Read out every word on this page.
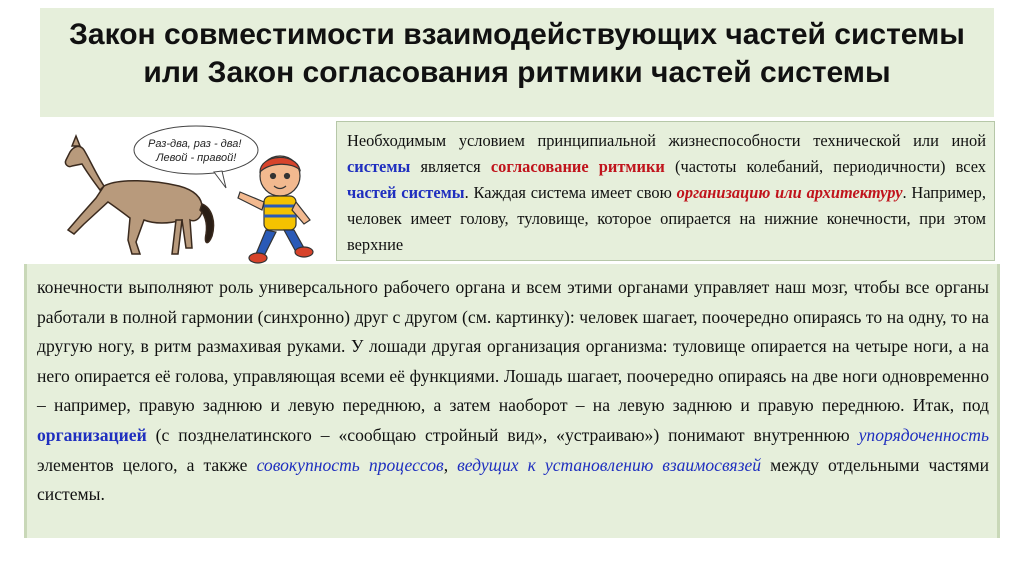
Закон совместимости взаимодействующих частей системы или Закон согласования ритмики частей системы
Раз-два, раз - два!
Левой - правой!
Необходимым условием принципиальной жизнеспособности технической или иной системы является согласование ритмики (частоты колебаний, периодичности) всех частей системы. Каждая система имеет свою организацию или архитектуру. Например, человек имеет голову, туловище, которое опирается на нижние конечности, при этом верхние
конечности выполняют роль универсального рабочего органа и всем этими органами управляет наш мозг, чтобы все органы работали в полной гармонии (синхронно) друг с другом (см. картинку): человек шагает, поочередно опираясь то на одну, то на другую ногу, в ритм размахивая руками. У лошади другая организация организма: туловище опирается на четыре ноги, а на него опирается её голова, управляющая всеми её функциями. Лошадь шагает, поочередно опираясь на две ноги одновременно – например, правую заднюю и левую переднюю, а затем наоборот – на левую заднюю и правую переднюю. Итак, под организацией (с позднелатинского – «сообщаю стройный вид», «устраиваю») понимают внутреннюю упорядоченность элементов целого, а также совокупность процессов, ведущих к установлению взаимосвязей между отдельными частями системы.
